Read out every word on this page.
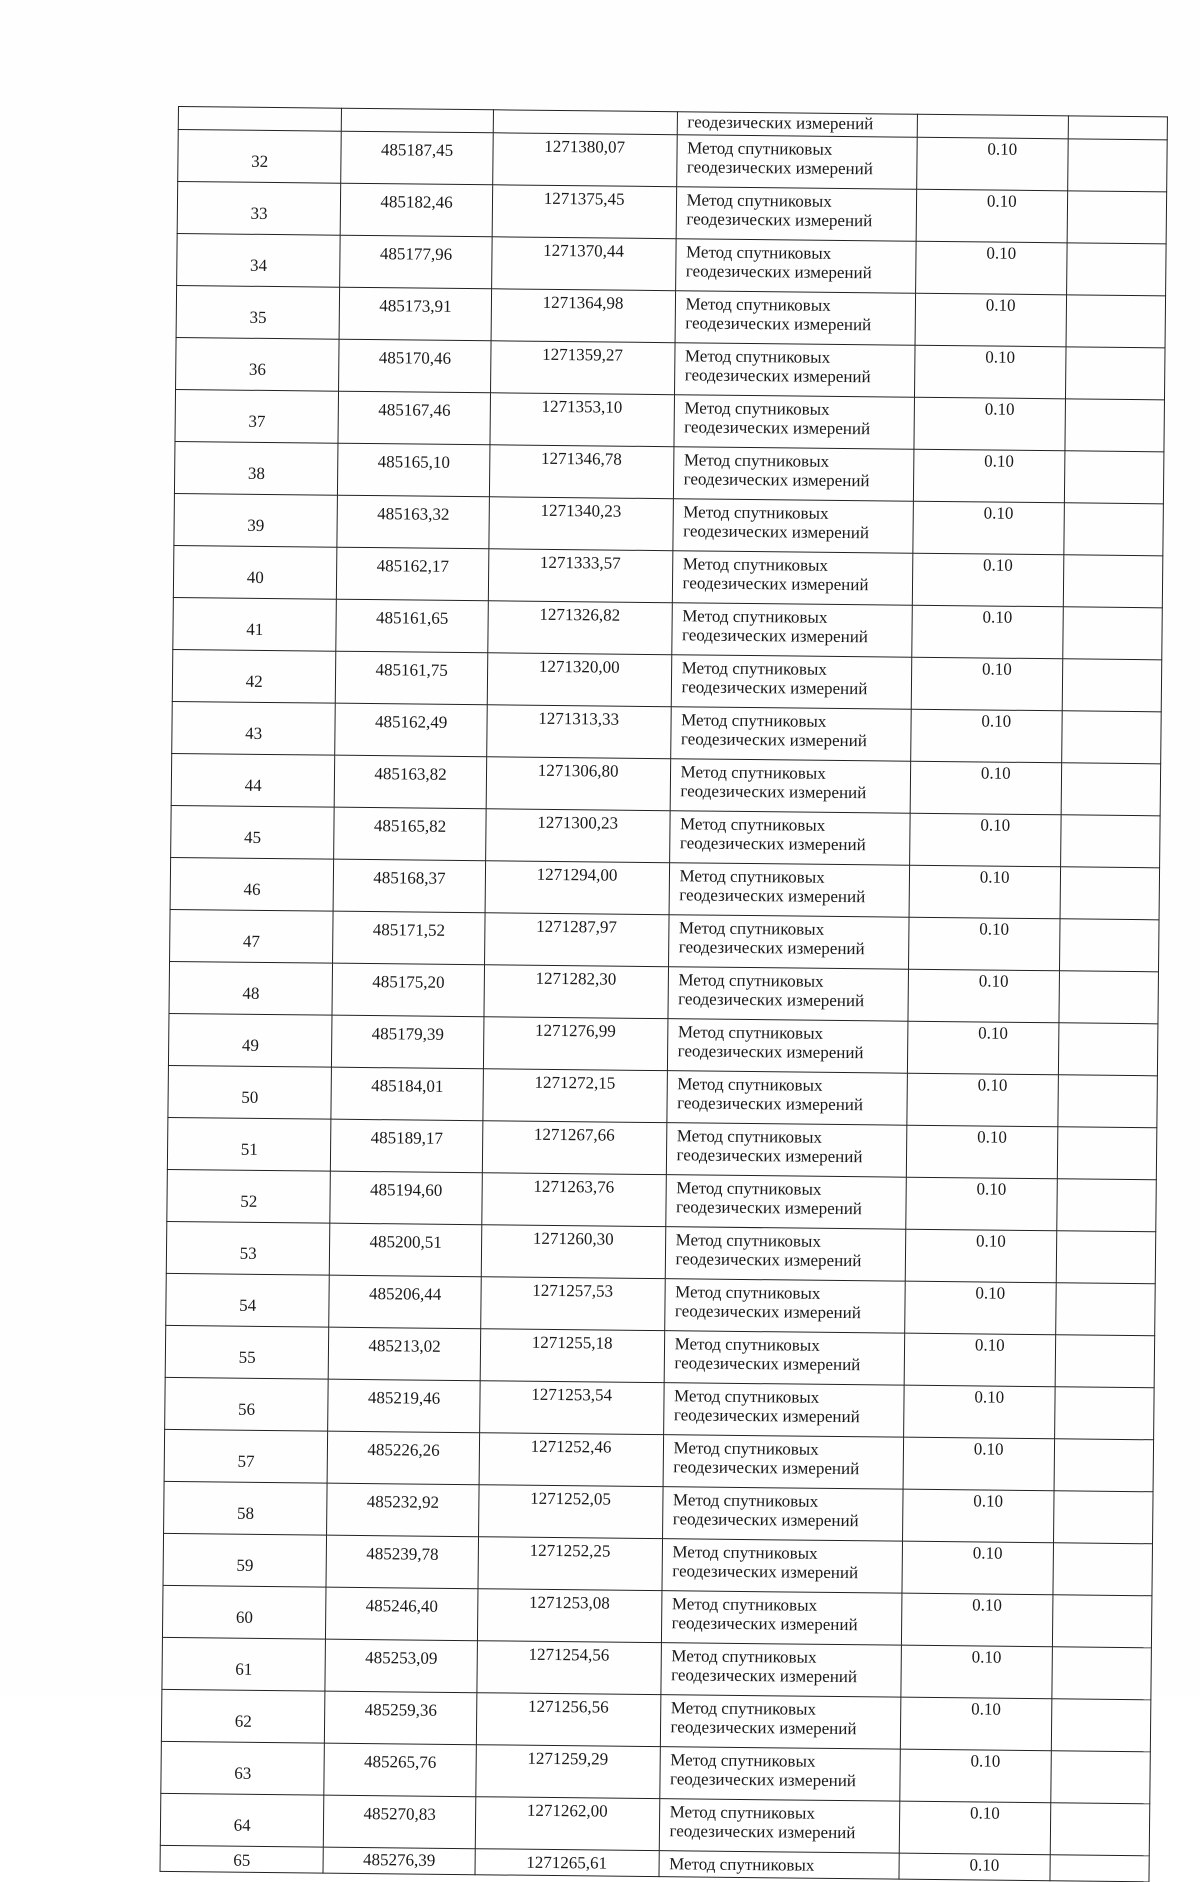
			геодезических измерений		

32	485187,45	1271380,07	Метод спутниковых
геодезических измерений	0.10	
33	485182,46	1271375,45	Метод спутниковых
геодезических измерений	0.10	
34	485177,96	1271370,44	Метод спутниковых
геодезических измерений	0.10	
35	485173,91	1271364,98	Метод спутниковых
геодезических измерений	0.10	
36	485170,46	1271359,27	Метод спутниковых
геодезических измерений	0.10	
37	485167,46	1271353,10	Метод спутниковых
геодезических измерений	0.10	
38	485165,10	1271346,78	Метод спутниковых
геодезических измерений	0.10	
39	485163,32	1271340,23	Метод спутниковых
геодезических измерений	0.10	
40	485162,17	1271333,57	Метод спутниковых
геодезических измерений	0.10	
41	485161,65	1271326,82	Метод спутниковых
геодезических измерений	0.10	
42	485161,75	1271320,00	Метод спутниковых
геодезических измерений	0.10	
43	485162,49	1271313,33	Метод спутниковых
геодезических измерений	0.10	
44	485163,82	1271306,80	Метод спутниковых
геодезических измерений	0.10	
45	485165,82	1271300,23	Метод спутниковых
геодезических измерений	0.10	
46	485168,37	1271294,00	Метод спутниковых
геодезических измерений	0.10	
47	485171,52	1271287,97	Метод спутниковых
геодезических измерений	0.10	
48	485175,20	1271282,30	Метод спутниковых
геодезических измерений	0.10	
49	485179,39	1271276,99	Метод спутниковых
геодезических измерений	0.10	
50	485184,01	1271272,15	Метод спутниковых
геодезических измерений	0.10	
51	485189,17	1271267,66	Метод спутниковых
геодезических измерений	0.10	
52	485194,60	1271263,76	Метод спутниковых
геодезических измерений	0.10	
53	485200,51	1271260,30	Метод спутниковых
геодезических измерений	0.10	
54	485206,44	1271257,53	Метод спутниковых
геодезических измерений	0.10	
55	485213,02	1271255,18	Метод спутниковых
геодезических измерений	0.10	
56	485219,46	1271253,54	Метод спутниковых
геодезических измерений	0.10	
57	485226,26	1271252,46	Метод спутниковых
геодезических измерений	0.10	
58	485232,92	1271252,05	Метод спутниковых
геодезических измерений	0.10	
59	485239,78	1271252,25	Метод спутниковых
геодезических измерений	0.10	
60	485246,40	1271253,08	Метод спутниковых
геодезических измерений	0.10	
61	485253,09	1271254,56	Метод спутниковых
геодезических измерений	0.10	
62	485259,36	1271256,56	Метод спутниковых
геодезических измерений	0.10	
63	485265,76	1271259,29	Метод спутниковых
геодезических измерений	0.10	
64	485270,83	1271262,00	Метод спутниковых
геодезических измерений	0.10	
65	485276,39	1271265,61	Метод спутниковых	0.10	
